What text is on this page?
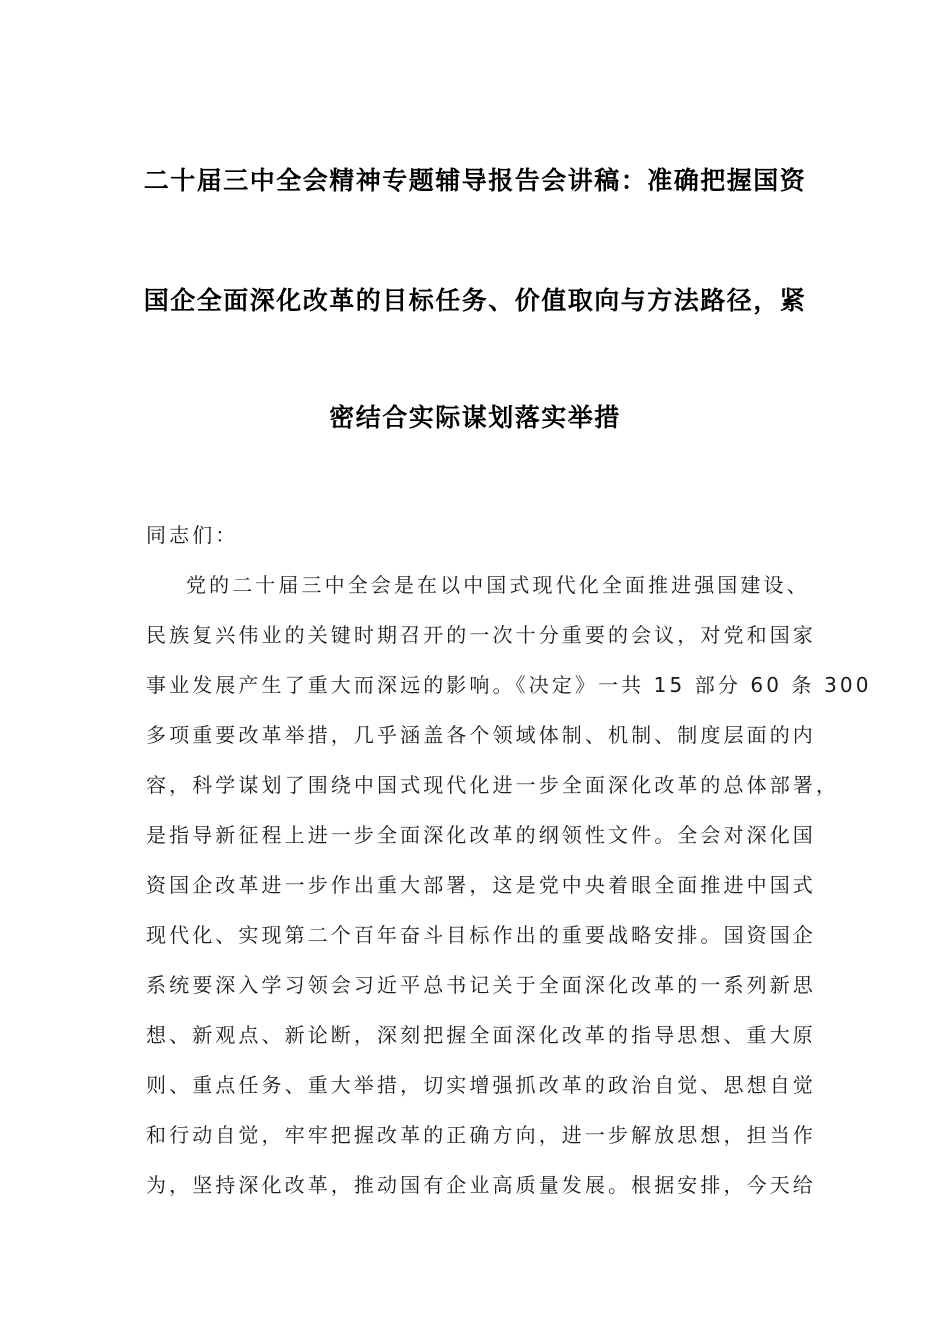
二十届三中全会精神专题辅导报告会讲稿：准确把握国资
国企全面深化改革的目标任务、价值取向与方法路径，紧
密结合实际谋划落实举措
同志们：
党的二十届三中全会是在以中国式现代化全面推进强国建设、
民族复兴伟业的关键时期召开的一次十分重要的会议，对党和国家
事业发展产生了重大而深远的影响。《决定》一共 15 部分 60 条 300
多项重要改革举措，几乎涵盖各个领域体制、机制、制度层面的内
容，科学谋划了围绕中国式现代化进一步全面深化改革的总体部署，
是指导新征程上进一步全面深化改革的纲领性文件。全会对深化国
资国企改革进一步作出重大部署，这是党中央着眼全面推进中国式
现代化、实现第二个百年奋斗目标作出的重要战略安排。国资国企
系统要深入学习领会习近平总书记关于全面深化改革的一系列新思
想、新观点、新论断，深刻把握全面深化改革的指导思想、重大原
则、重点任务、重大举措，切实增强抓改革的政治自觉、思想自觉
和行动自觉，牢牢把握改革的正确方向，进一步解放思想，担当作
为，坚持深化改革，推动国有企业高质量发展。根据安排，今天给
